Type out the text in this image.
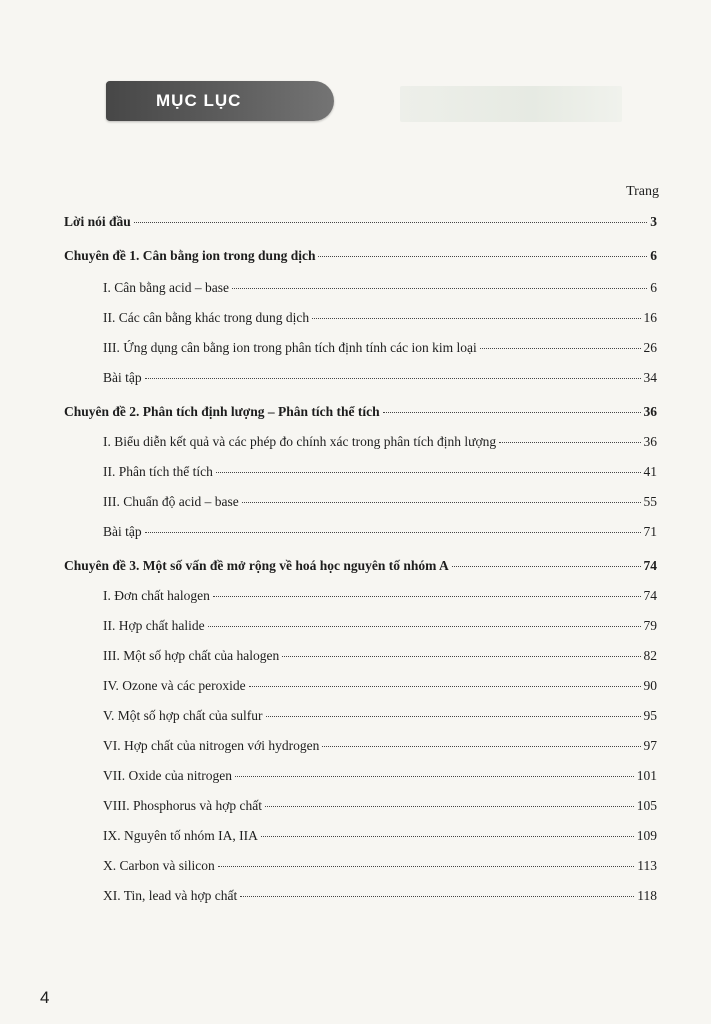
MỤC LỤC
Trang
Lời nói đầu	3
Chuyên đề 1. Cân bằng ion trong dung dịch	6
I. Cân bằng acid – base	6
II. Các cân bằng khác trong dung dịch	16
III. Ứng dụng cân bằng ion trong phân tích định tính các ion kim loại	26
Bài tập	34
Chuyên đề 2. Phân tích định lượng – Phân tích thể tích	36
I. Biểu diễn kết quả và các phép đo chính xác trong phân tích định lượng	36
II. Phân tích thể tích	41
III. Chuẩn độ acid – base	55
Bài tập	71
Chuyên đề 3. Một số vấn đề mở rộng về hoá học nguyên tố nhóm A	74
I. Đơn chất halogen	74
II. Hợp chất halide	79
III. Một số hợp chất của halogen	82
IV. Ozone và các peroxide	90
V. Một số hợp chất của sulfur	95
VI. Hợp chất của nitrogen với hydrogen	97
VII. Oxide của nitrogen	101
VIII. Phosphorus và hợp chất	105
IX. Nguyên tố nhóm IA, IIA	109
X. Carbon và silicon	113
XI. Tin, lead và hợp chất	118
4
